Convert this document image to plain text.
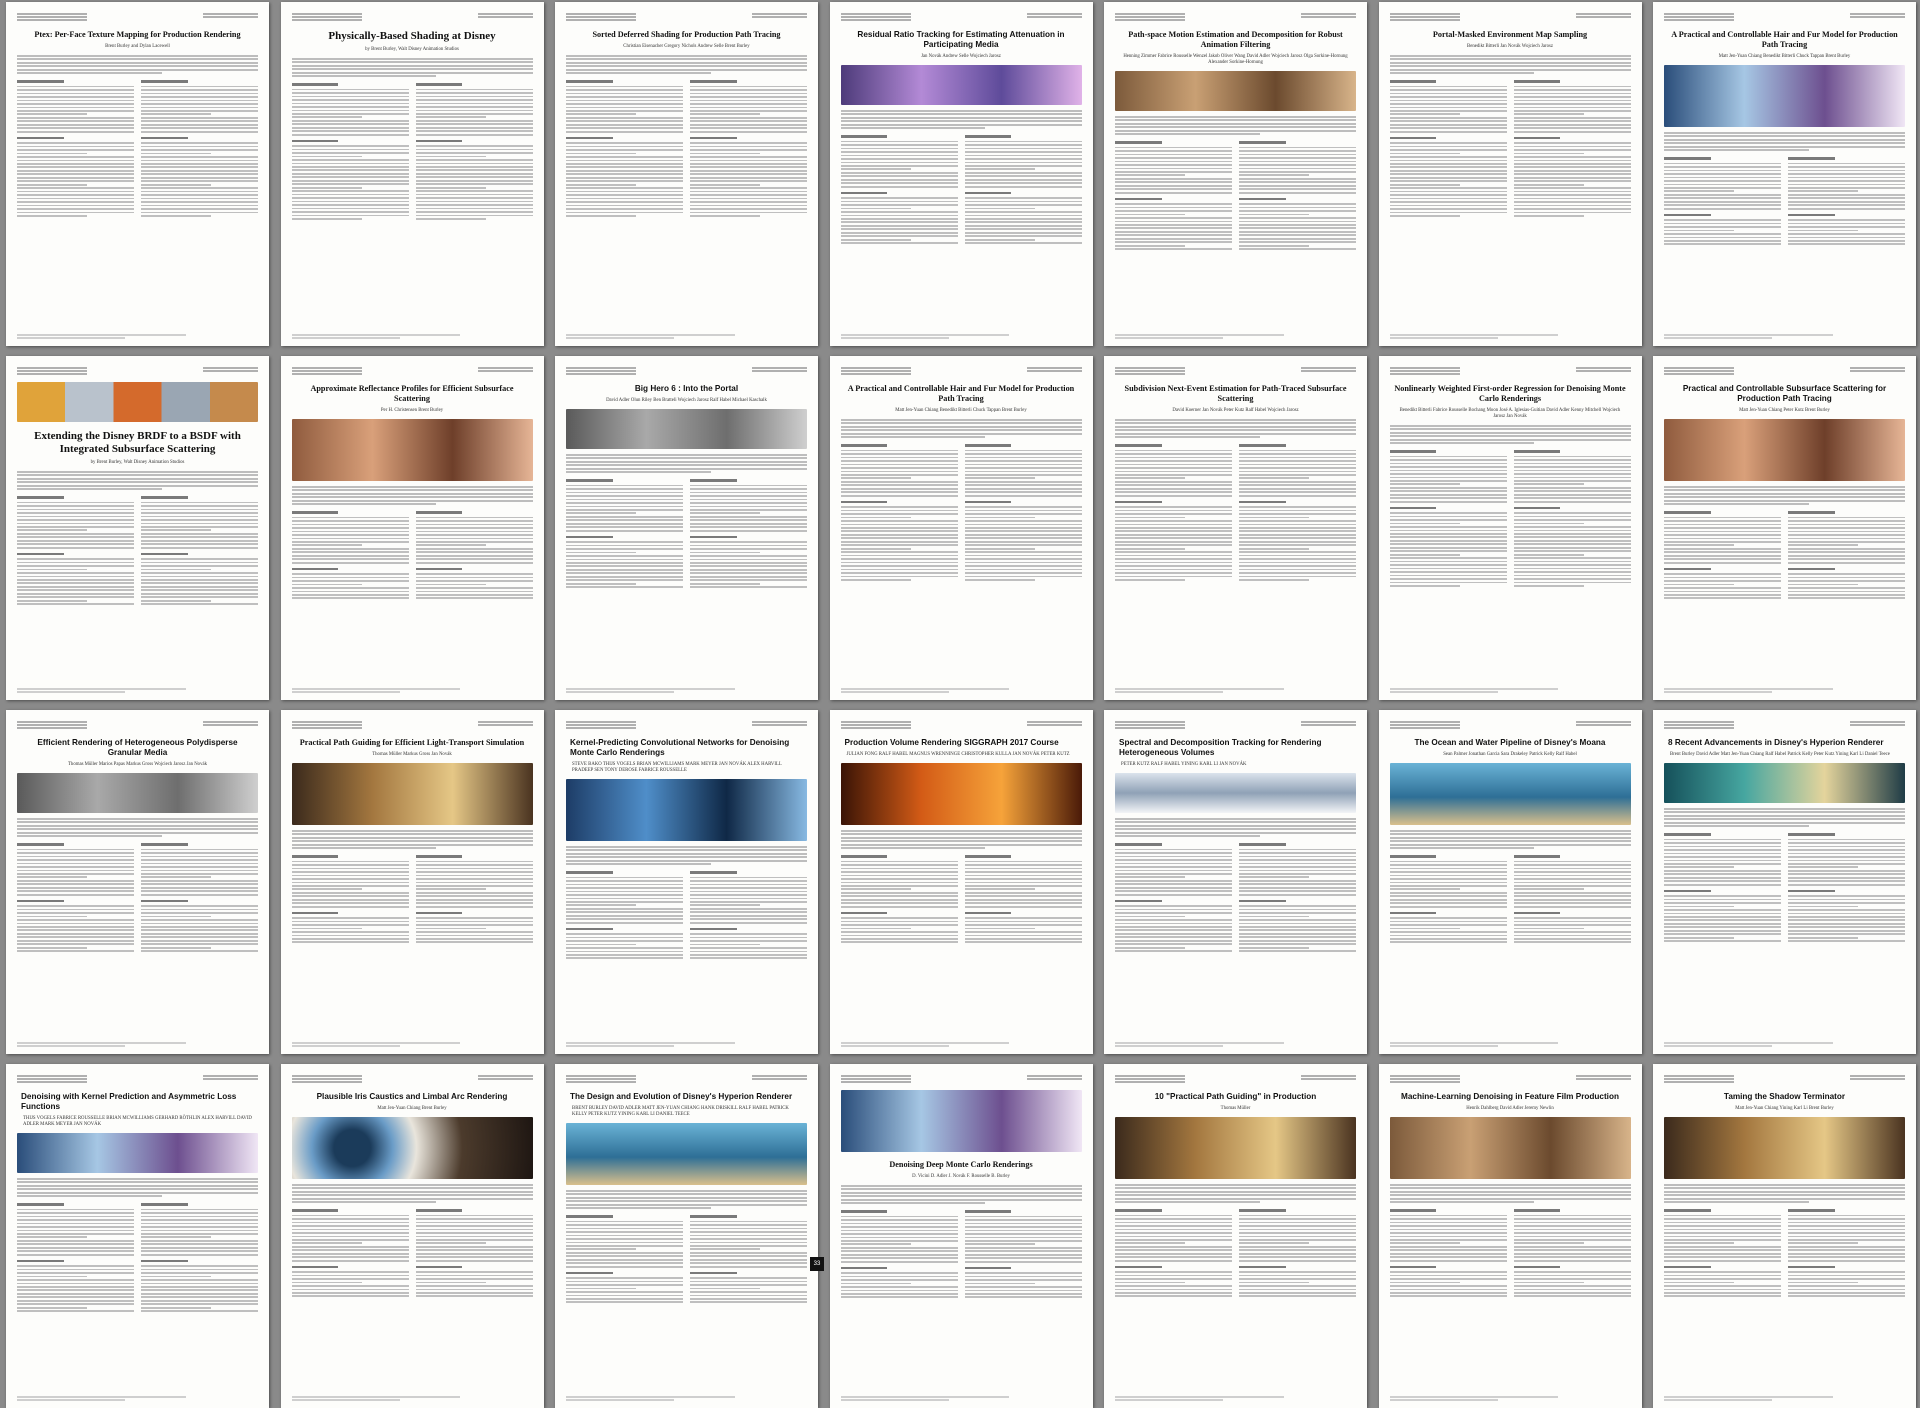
Ptex: Per-Face Texture Mapping for Production Rendering
Brent Burley and Dylan Lacewell
Physically-Based Shading at Disney
by Brent Burley, Walt Disney Animation Studios
Sorted Deferred Shading for Production Path Tracing
Christian Eisenacher Gregory Nichols Andrew Selle Brent Burley
Residual Ratio Tracking for Estimating Attenuation in Participating Media
Jan Novák Andrew Selle Wojciech Jarosz
Path-space Motion Estimation and Decomposition for Robust Animation Filtering
Henning Zimmer Fabrice Rousselle Wenzel Jakob Oliver Wang David Adler Wojciech Jarosz Olga Sorkine-Hornung Alexander Sorkine-Hornung
Portal-Masked Environment Map Sampling
Benedikt Bitterli Jan Novák Wojciech Jarosz
A Practical and Controllable Hair and Fur Model for Production Path Tracing
Matt Jen-Yuan Chiang Benedikt Bitterli Chuck Tappan Brent Burley
Extending the Disney BRDF to a BSDF with Integrated Subsurface Scattering
by Brent Burley, Walt Disney Animation Studios
Approximate Reflectance Profiles for Efficient Subsurface Scattering
Per H. Christensen Brent Burley
Big Hero 6 : Into the Portal
David Adler Olun Riley Ben Bratteli Wojciech Jarosz Ralf Habel Michael Kaschalk
A Practical and Controllable Hair and Fur Model for Production Path Tracing
Matt Jen-Yuan Chiang Benedikt Bitterli Chuck Tappan Brent Burley
Subdivision Next-Event Estimation for Path-Traced Subsurface Scattering
David Koerner Jan Novák Peter Kutz Ralf Habel Wojciech Jarosz
Nonlinearly Weighted First-order Regression for Denoising Monte Carlo Renderings
Benedikt Bitterli Fabrice Rousselle Bochang Moon José A. Iglesias-Guitian David Adler Kenny Mitchell Wojciech Jarosz Jan Novák
Practical and Controllable Subsurface Scattering for Production Path Tracing
Matt Jen-Yuan Chiang Peter Kutz Brent Burley
Efficient Rendering of Heterogeneous Polydisperse Granular Media
Thomas Müller Marios Papas Markus Gross Wojciech Jarosz Jan Novák
Practical Path Guiding for Efficient Light-Transport Simulation
Thomas Müller Markus Gross Jan Novák
Kernel-Predicting Convolutional Networks for Denoising Monte Carlo Renderings
STEVE BAKO THIJS VOGELS BRIAN MCWILLIAMS MARK MEYER JAN NOVÁK ALEX HARVILL PRADEEP SEN TONY DEROSE FABRICE ROUSSELLE
Production Volume Rendering SIGGRAPH 2017 Course
JULIAN FONG RALF HABEL MAGNUS WRENNINGE CHRISTOPHER KULLA JAN NOVÁK PETER KUTZ
Spectral and Decomposition Tracking for Rendering Heterogeneous Volumes
PETER KUTZ RALF HABEL YINING KARL LI JAN NOVÁK
The Ocean and Water Pipeline of Disney's Moana
Sean Palmer Jonathan Garcia Sara Drakeley Patrick Kelly Ralf Habel
8 Recent Advancements in Disney's Hyperion Renderer
Brent Burley David Adler Matt Jen-Yuan Chiang Ralf Habel Patrick Kelly Peter Kutz Yining Karl Li Daniel Teece
Denoising with Kernel Prediction and Asymmetric Loss Functions
THIJS VOGELS FABRICE ROUSSELLE BRIAN MCWILLIAMS GERHARD RÖTHLIN ALEX HARVILL DAVID ADLER MARK MEYER JAN NOVÁK
Plausible Iris Caustics and Limbal Arc Rendering
Matt Jen-Yuan Chiang Brent Burley
The Design and Evolution of Disney's Hyperion Renderer
BRENT BURLEY DAVID ADLER MATT JEN-YUAN CHIANG HANK DRISKILL RALF HABEL PATRICK KELLY PETER KUTZ YINING KARL LI DANIEL TEECE
Denoising Deep Monte Carlo Renderings
D. Vicini D. Adler J. Novák F. Rousselle B. Burley
10 "Practical Path Guiding" in Production
Thomas Müller
Machine-Learning Denoising in Feature Film Production
Henrik Dahlberg David Adler Jeremy Newlin
Taming the Shadow Terminator
Matt Jen-Yuan Chiang Yining Karl Li Brent Burley
33
